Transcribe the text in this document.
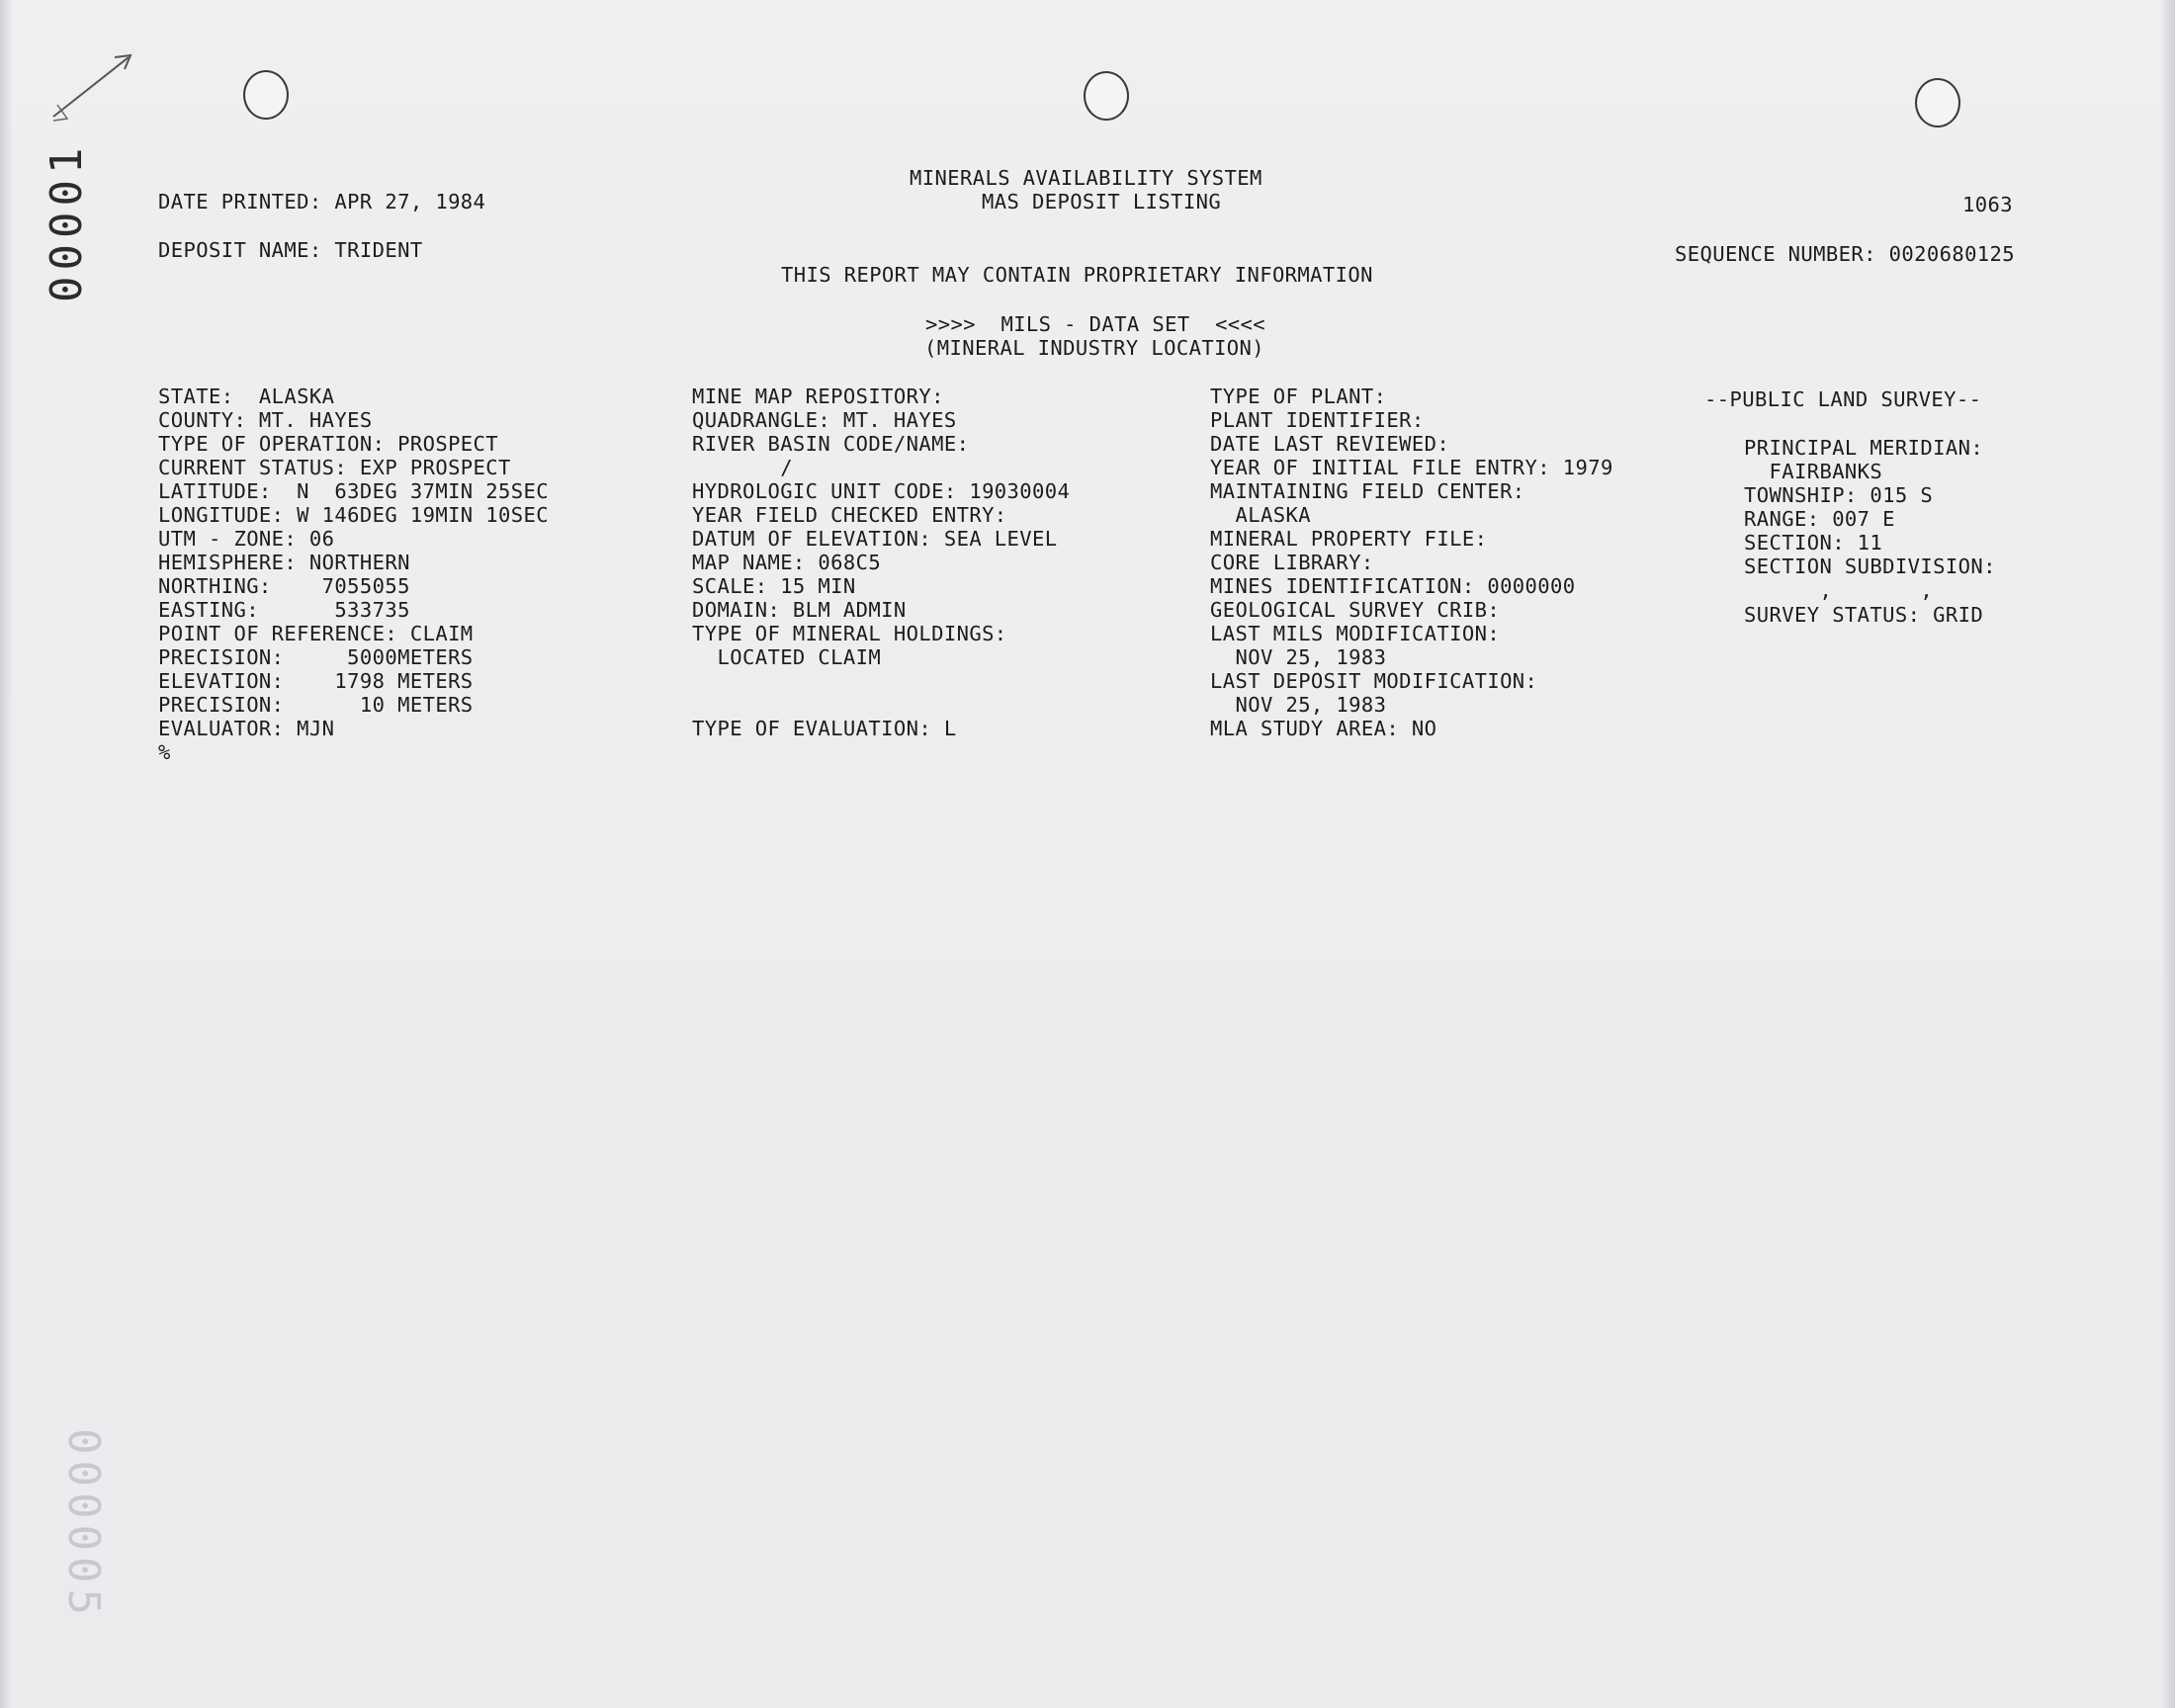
00001
000005
DATE PRINTED: APR 27, 1984
MINERALS AVAILABILITY SYSTEM
MAS DEPOSIT LISTING	1063
DEPOSIT NAME: TRIDENT	SEQUENCE NUMBER: 0020680125
THIS REPORT MAY CONTAIN PROPRIETARY INFORMATION
>>>>  MILS - DATA SET  <<<<
(MINERAL INDUSTRY LOCATION)
STATE:  ALASKA
COUNTY: MT. HAYES
TYPE OF OPERATION: PROSPECT
CURRENT STATUS: EXP PROSPECT
LATITUDE:  N  63DEG 37MIN 25SEC
LONGITUDE: W 146DEG 19MIN 10SEC
UTM - ZONE: 06
HEMISPHERE: NORTHERN
NORTHING:    7055055
EASTING:      533735
POINT OF REFERENCE: CLAIM
PRECISION:     5000METERS
ELEVATION:    1798 METERS
PRECISION:      10 METERS
EVALUATOR: MJN
%
MINE MAP REPOSITORY:
QUADRANGLE: MT. HAYES
RIVER BASIN CODE/NAME:
/
HYDROLOGIC UNIT CODE: 19030004
YEAR FIELD CHECKED ENTRY:
DATUM OF ELEVATION: SEA LEVEL
MAP NAME: 068C5
SCALE: 15 MIN
DOMAIN: BLM ADMIN
TYPE OF MINERAL HOLDINGS:
LOCATED CLAIM
TYPE OF EVALUATION: L
TYPE OF PLANT:
PLANT IDENTIFIER:
DATE LAST REVIEWED:
YEAR OF INITIAL FILE ENTRY: 1979
MAINTAINING FIELD CENTER:
ALASKA
MINERAL PROPERTY FILE:
CORE LIBRARY:
MINES IDENTIFICATION: 0000000
GEOLOGICAL SURVEY CRIB:
LAST MILS MODIFICATION:
NOV 25, 1983
LAST DEPOSIT MODIFICATION:
NOV 25, 1983
MLA STUDY AREA: NO
--PUBLIC LAND SURVEY--
PRINCIPAL MERIDIAN:
FAIRBANKS
TOWNSHIP: 015 S
RANGE: 007 E
SECTION: 11
SECTION SUBDIVISION:
,       ,
SURVEY STATUS: GRID
